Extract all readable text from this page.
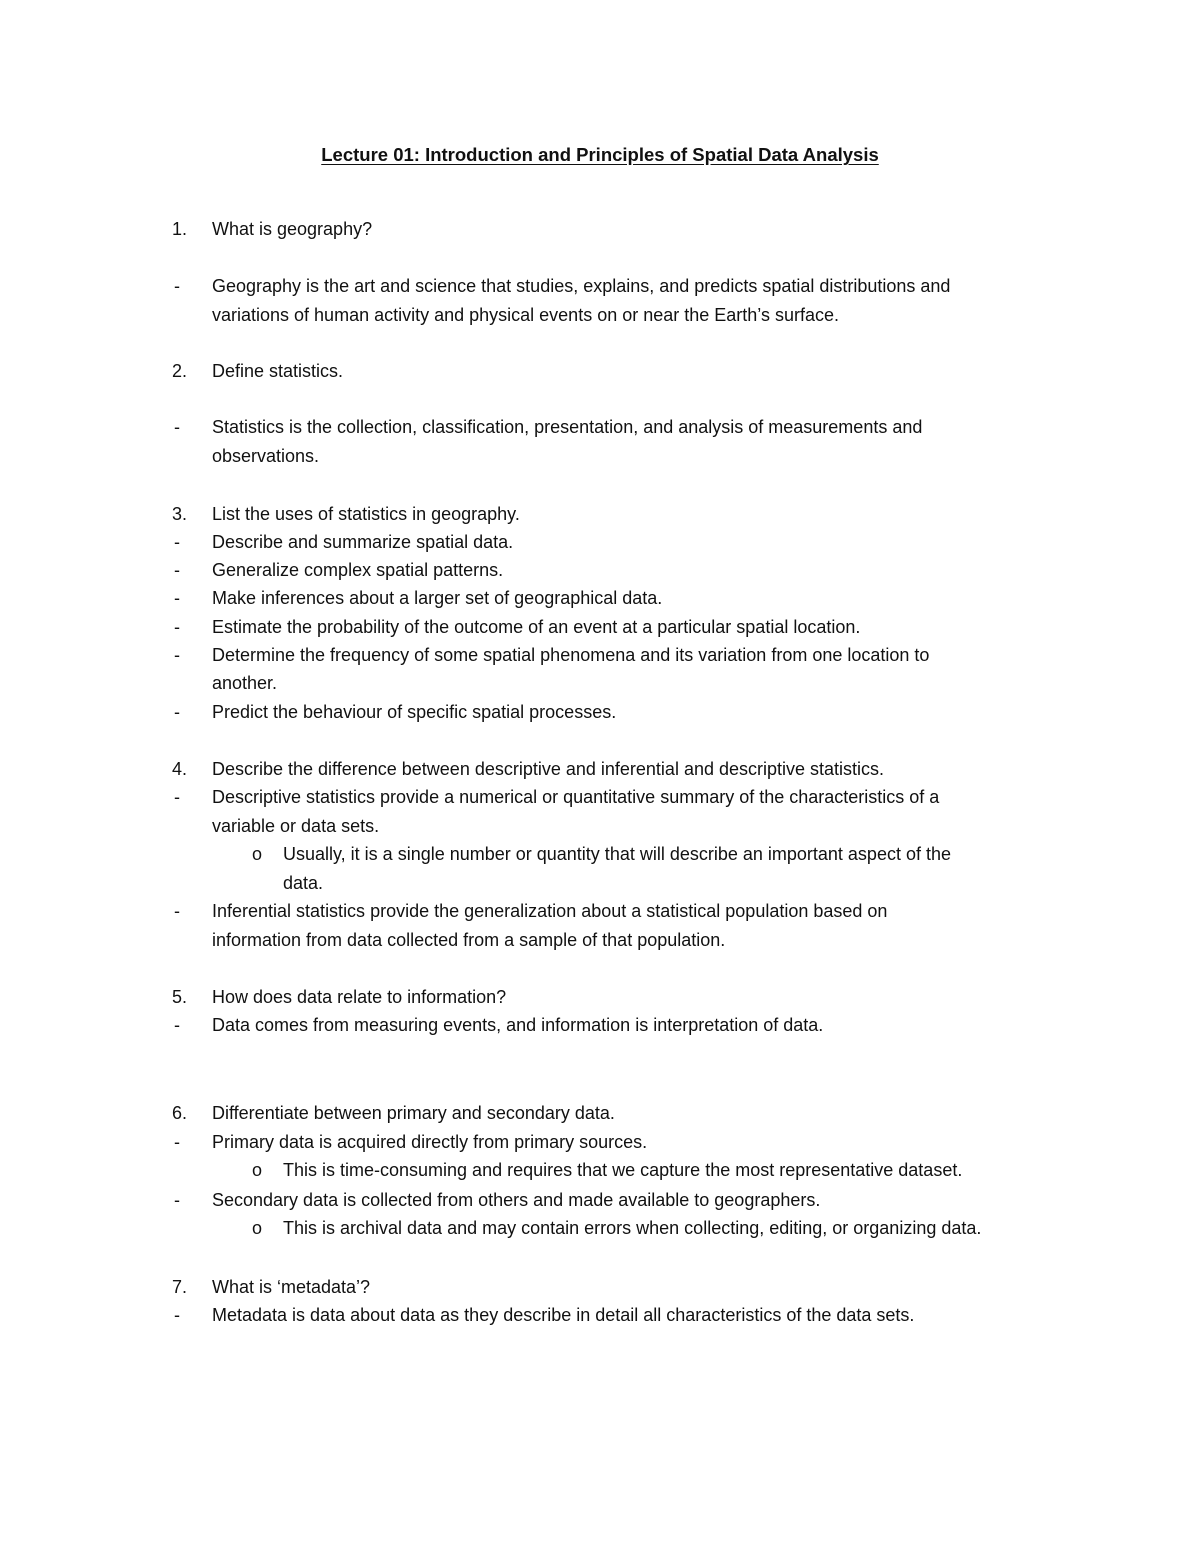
Lecture 01: Introduction and Principles of Spatial Data Analysis
1.	What is geography?
- Geography is the art and science that studies, explains, and predicts spatial distributions and
variations of human activity and physical events on or near the Earth’s surface.
2.	Define statistics.
- Statistics is the collection, classification, presentation, and analysis of measurements and
observations.
3.	List the uses of statistics in geography.
- Describe and summarize spatial data.
- Generalize complex spatial patterns.
- Make inferences about a larger set of geographical data.
- Estimate the probability of the outcome of an event at a particular spatial location.
- Determine the frequency of some spatial phenomena and its variation from one location to
another.
- Predict the behaviour of specific spatial processes.
4.	Describe the difference between descriptive and inferential and descriptive statistics.
- Descriptive statistics provide a numerical or quantitative summary of the characteristics of a
variable or data sets.
o Usually, it is a single number or quantity that will describe an important aspect of the
data.
- Inferential statistics provide the generalization about a statistical population based on
information from data collected from a sample of that population.
5.	How does data relate to information?
- Data comes from measuring events, and information is interpretation of data.
6.	Differentiate between primary and secondary data.
- Primary data is acquired directly from primary sources.
o This is time-consuming and requires that we capture the most representative dataset.
- Secondary data is collected from others and made available to geographers.
o This is archival data and may contain errors when collecting, editing, or organizing data.
7.	What is ‘metadata’?
- Metadata is data about data as they describe in detail all characteristics of the data sets.
